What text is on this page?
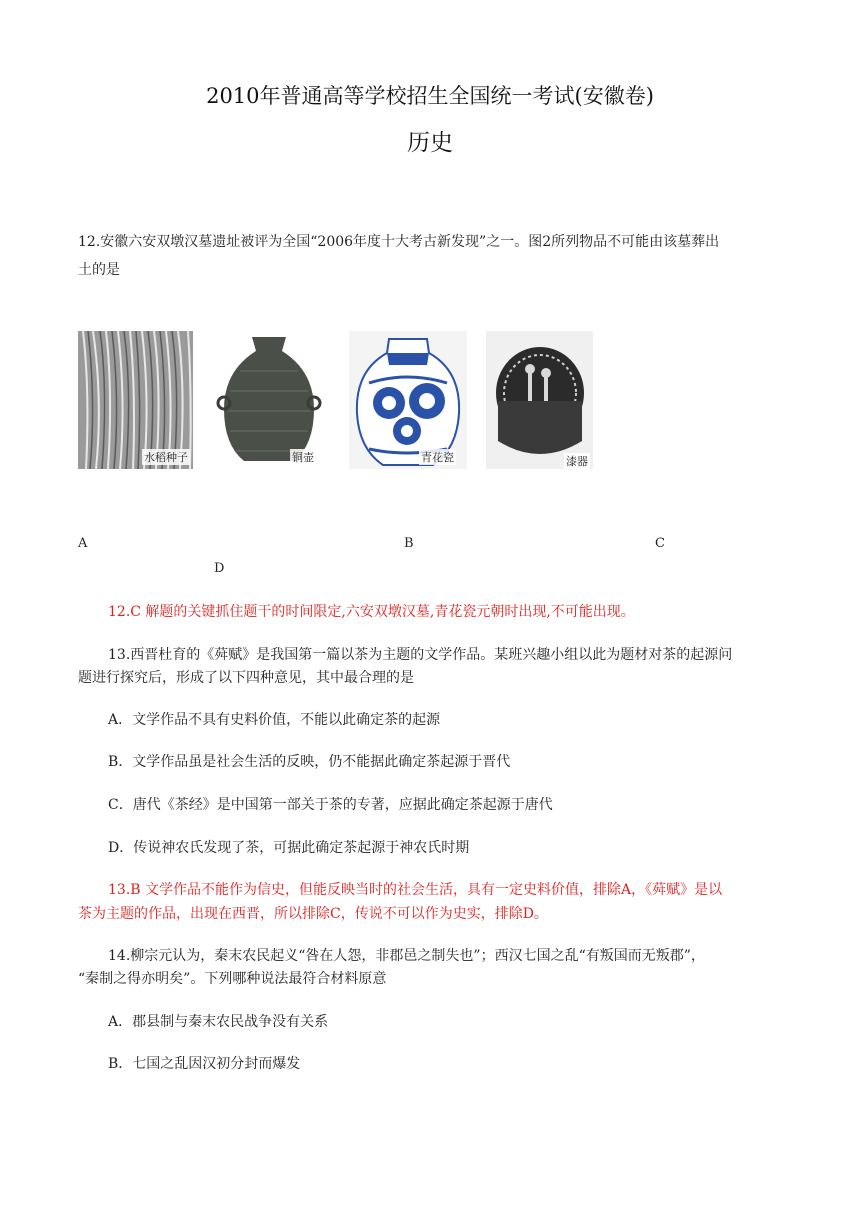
2010年普通高等学校招生全国统一考试(安徽卷)
历史
12.安徽六安双墩汉墓遗址被评为全国“2006年度十大考古新发现”之一。图2所列物品不可能由该墓葬出
土的是
水稻种子	铜壶	青花瓷	漆器
A	B	C
D
12.C 解题的关键抓住题干的时间限定,六安双墩汉墓,青花瓷元朝时出现,不可能出现。
13.西晋杜育的《荈赋》是我国第一篇以茶为主题的文学作品。某班兴趣小组以此为题材对茶的起源问
题进行探究后，形成了以下四种意见，其中最合理的是
A．文学作品不具有史料价值，不能以此确定茶的起源
B．文学作品虽是社会生活的反映，仍不能据此确定茶起源于晋代
C．唐代《茶经》是中国第一部关于茶的专著，应据此确定茶起源于唐代
D．传说神农氏发现了茶，可据此确定茶起源于神农氏时期
13.B 文学作品不能作为信史，但能反映当时的社会生活，具有一定史料价值，排除A，《荈赋》是以
茶为主题的作品，出现在西晋，所以排除C，传说不可以作为史实，排除D。
14.柳宗元认为，秦末农民起义“咎在人怨，非郡邑之制失也”；西汉七国之乱“有叛国而无叛郡”，
“秦制之得亦明矣”。下列哪种说法最符合材料原意
A．郡县制与秦末农民战争没有关系
B．七国之乱因汉初分封而爆发
